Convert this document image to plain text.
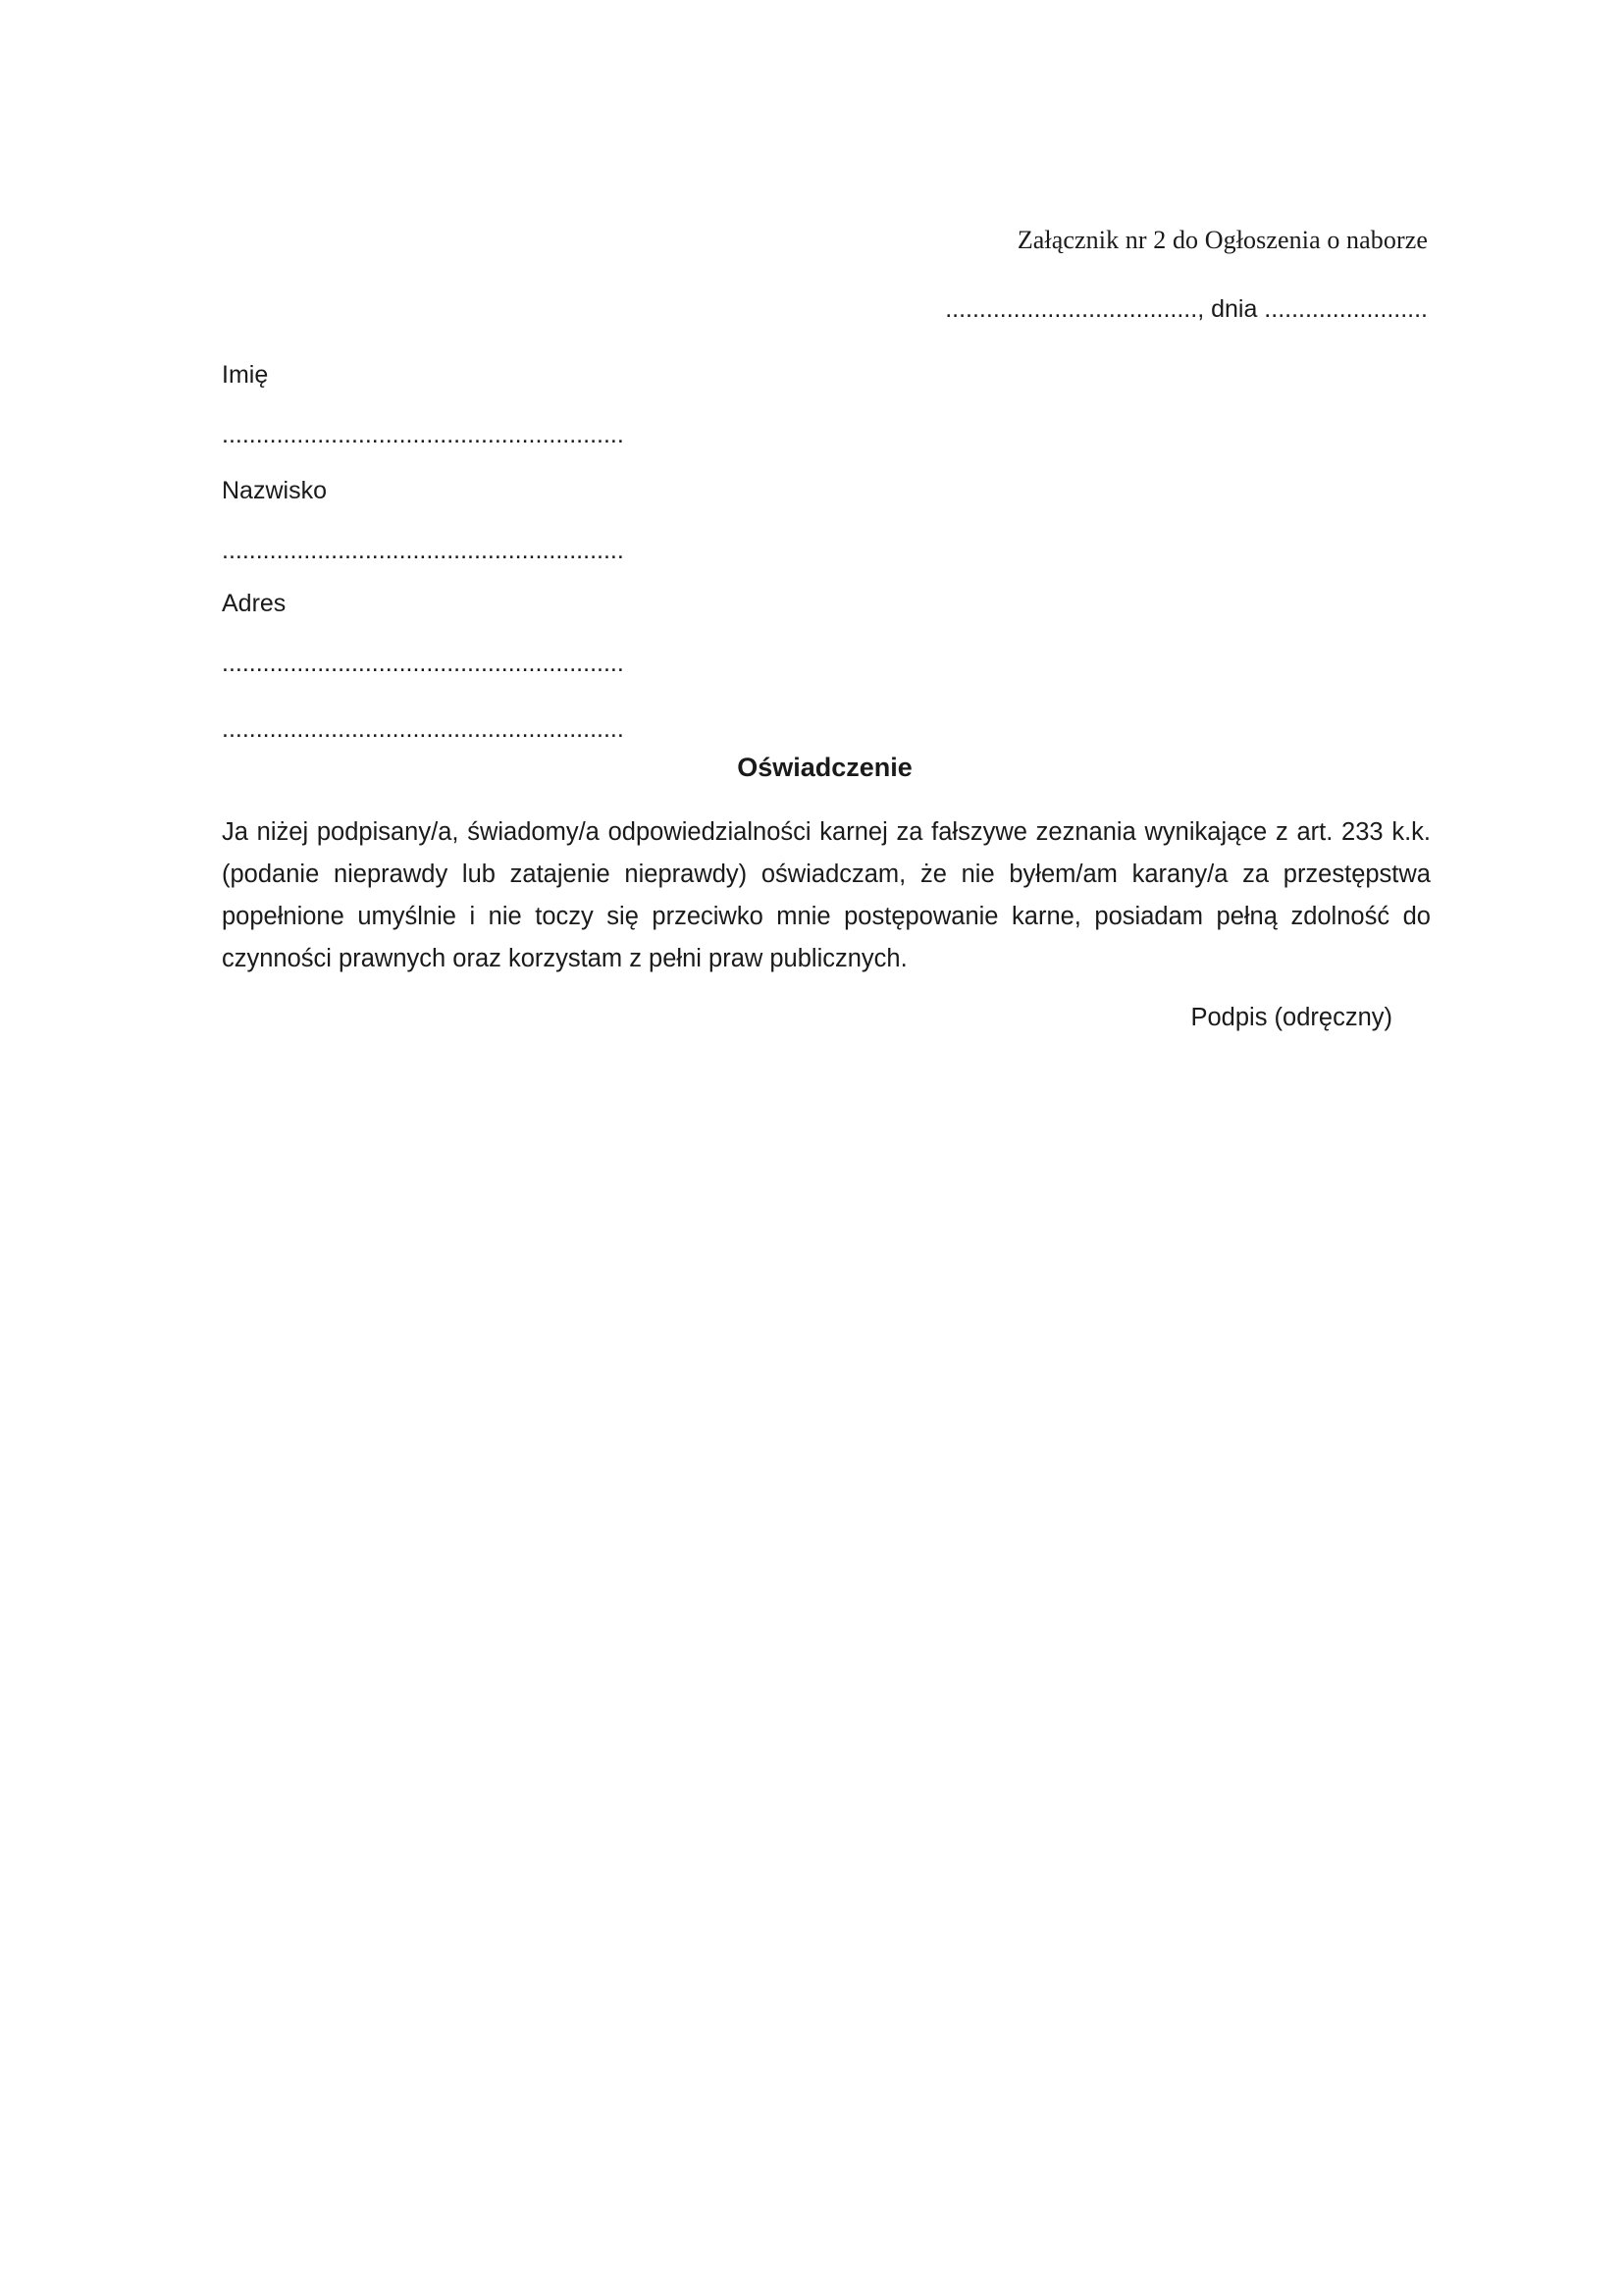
Załącznik nr 2 do Ogłoszenia o naborze
....................................., dnia ........................
Imię
...........................................................
Nazwisko
...........................................................
Adres
...........................................................
...........................................................
Oświadczenie

Ja niżej podpisany/a, świadomy/a odpowiedzialności karnej za fałszywe zeznania wynikające z art. 233 k.k. (podanie nieprawdy lub zatajenie nieprawdy) oświadczam, że nie byłem/am karany/a za przestępstwa popełnione umyślnie i nie toczy się przeciwko mnie postępowanie karne, posiadam pełną zdolność do czynności prawnych oraz korzystam z pełni praw publicznych.

Podpis (odręczny)
